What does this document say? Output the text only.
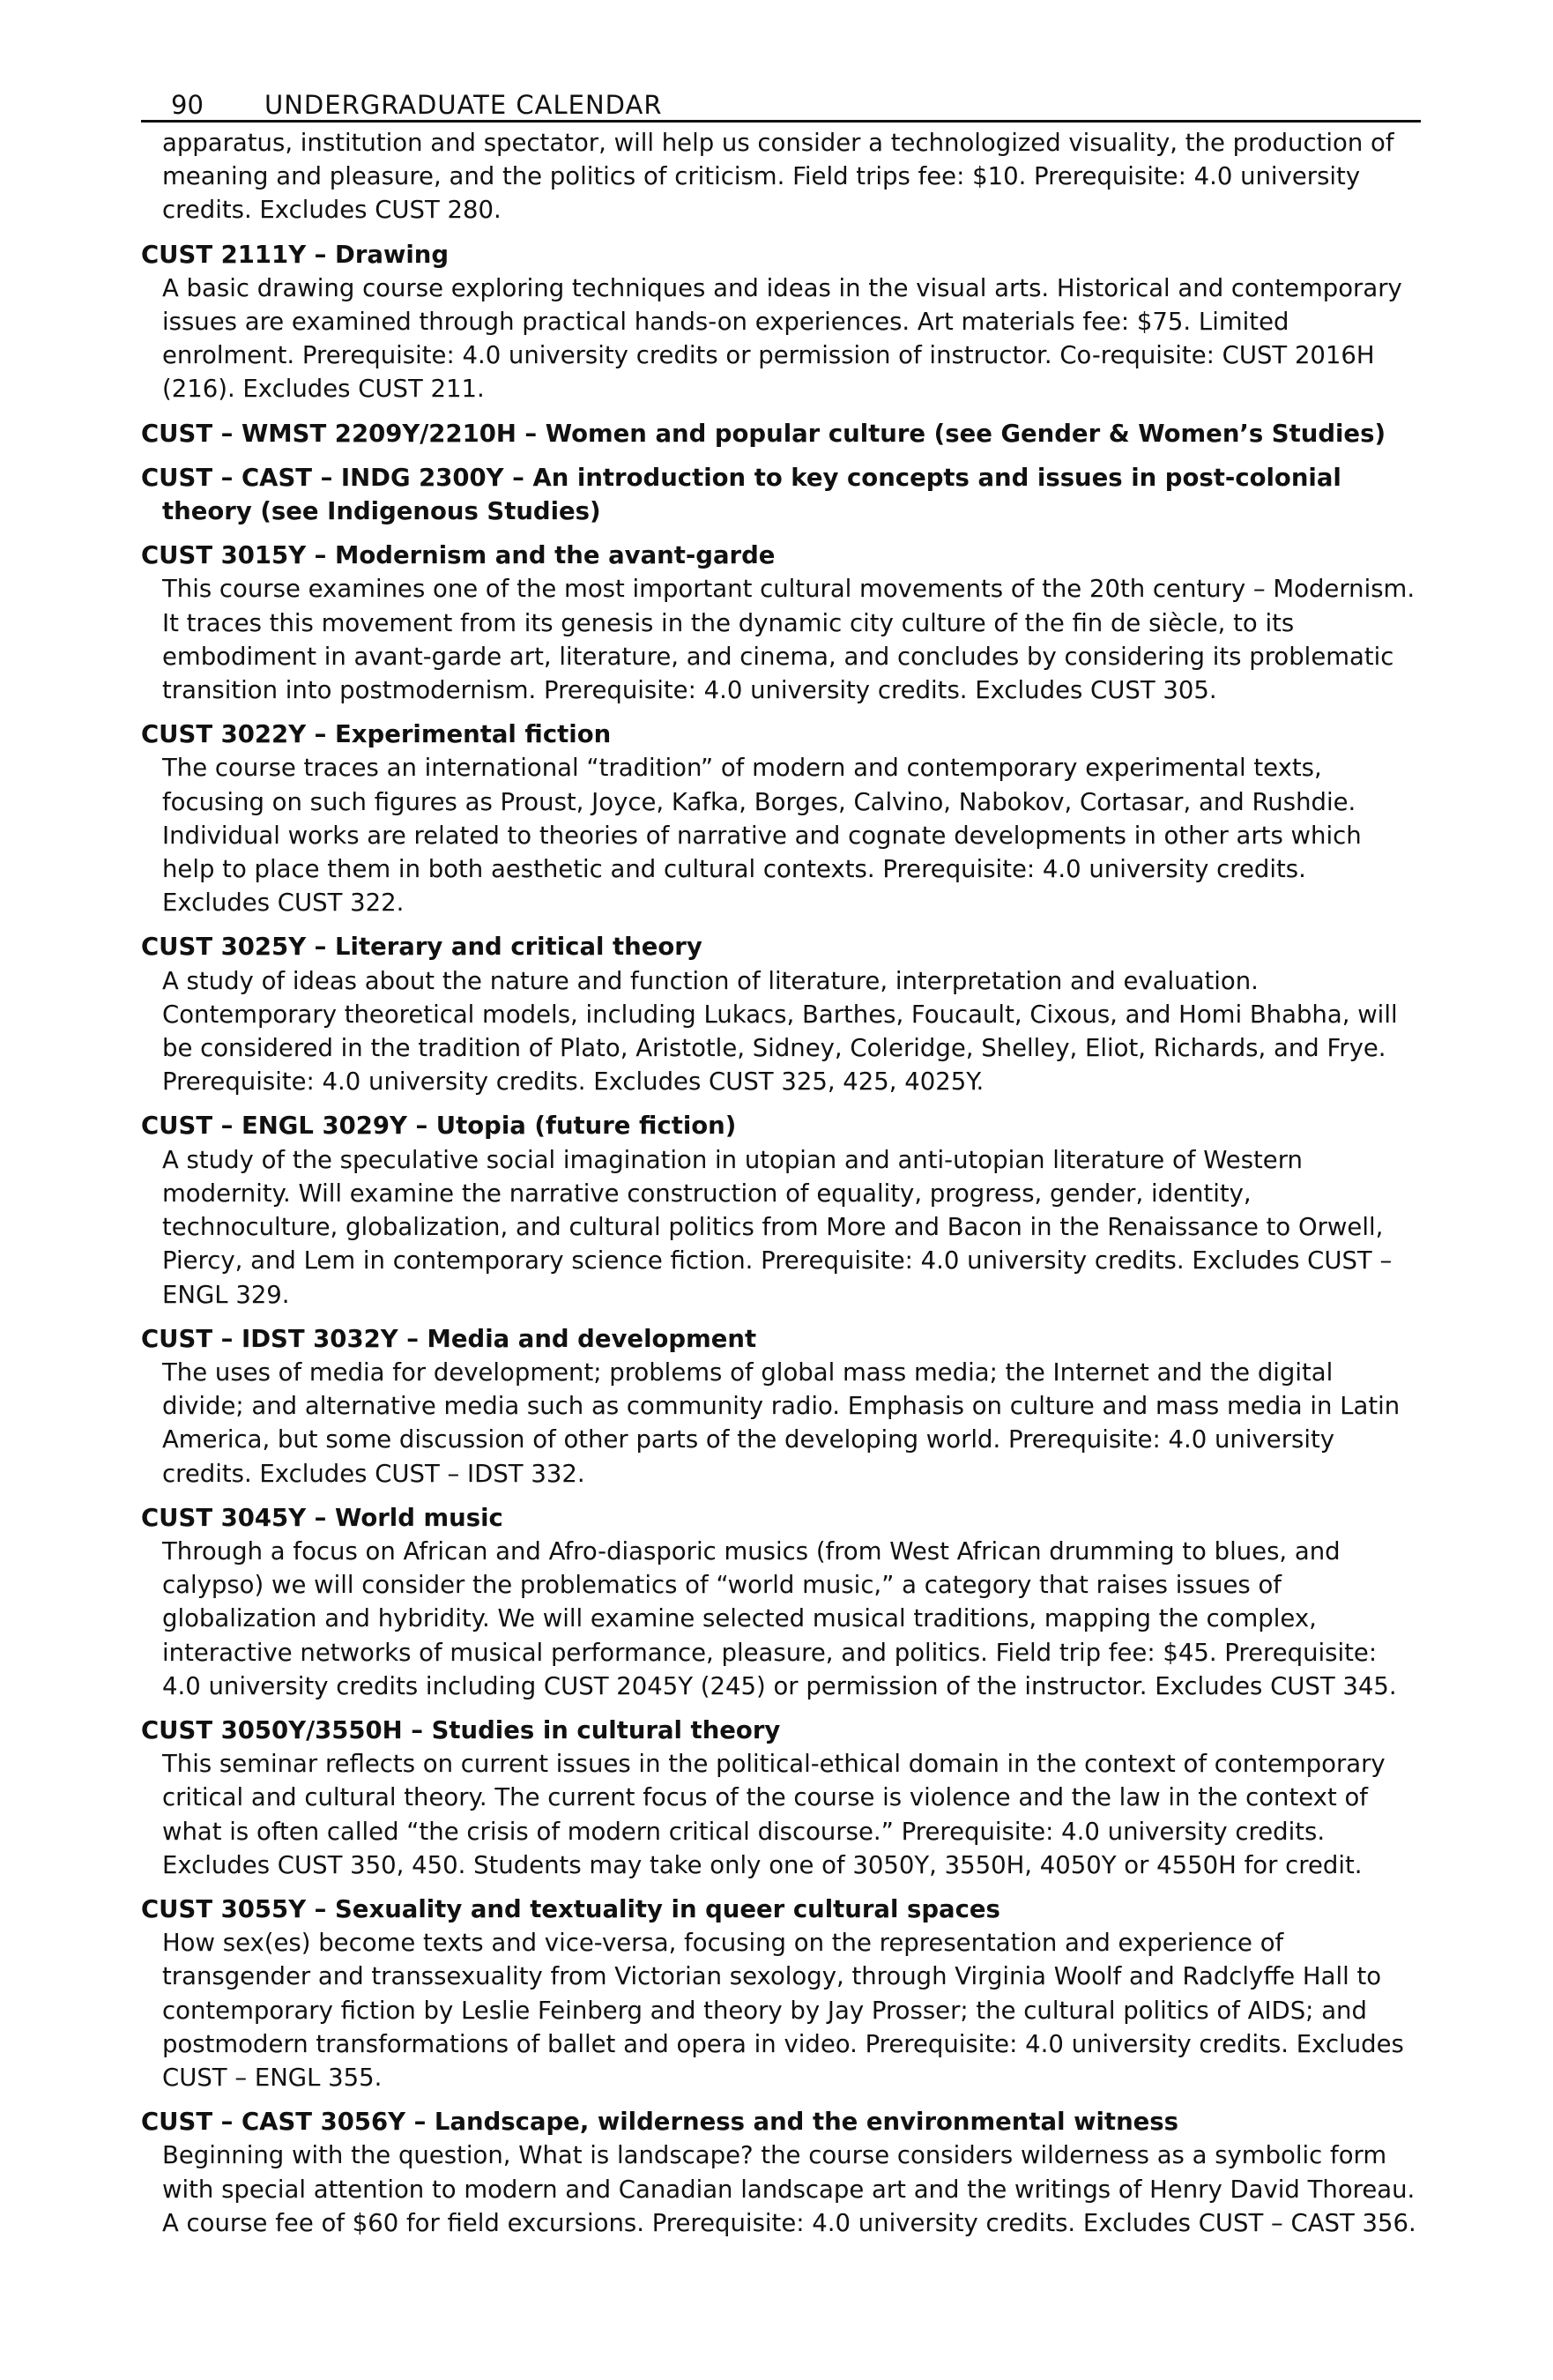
90	UNDERGRADUATE CALENDAR

apparatus, institution and spectator, will help us consider a technologized visuality, the production of meaning and pleasure, and the politics of criticism. Field trips fee: $10. Prerequisite: 4.0 university credits. Excludes CUST 280.

CUST 2111Y – Drawing

A basic drawing course exploring techniques and ideas in the visual arts. Historical and contemporary issues are examined through practical hands-on experiences. Art materials fee: $75. Limited enrolment. Prerequisite: 4.0 university credits or permission of instructor. Co-requisite: CUST 2016H (216). Excludes CUST 211.

CUST – WMST 2209Y/2210H – Women and popular culture (see Gender & Women’s Studies)

CUST – CAST – INDG 2300Y – An introduction to key concepts and issues in post-colonial theory (see Indigenous Studies)

CUST 3015Y – Modernism and the avant-garde

This course examines one of the most important cultural movements of the 20th century – Modernism. It traces this movement from its genesis in the dynamic city culture of the fin de siècle, to its embodiment in avant-garde art, literature, and cinema, and concludes by considering its problematic transition into postmodernism. Prerequisite: 4.0 university credits. Excludes CUST 305.

CUST 3022Y – Experimental fiction

The course traces an international “tradition” of modern and contemporary experimental texts, focusing on such figures as Proust, Joyce, Kafka, Borges, Calvino, Nabokov, Cortasar, and Rushdie. Individual works are related to theories of narrative and cognate developments in other arts which help to place them in both aesthetic and cultural contexts. Prerequisite: 4.0 university credits. Excludes CUST 322.

CUST 3025Y – Literary and critical theory

A study of ideas about the nature and function of literature, interpretation and evaluation. Contemporary theoretical models, including Lukacs, Barthes, Foucault, Cixous, and Homi Bhabha, will be considered in the tradition of Plato, Aristotle, Sidney, Coleridge, Shelley, Eliot, Richards, and Frye. Prerequisite: 4.0 university credits. Excludes CUST 325, 425, 4025Y.

CUST – ENGL 3029Y – Utopia (future fiction)

A study of the speculative social imagination in utopian and anti-utopian literature of Western modernity. Will examine the narrative construction of equality, progress, gender, identity, technoculture, globalization, and cultural politics from More and Bacon in the Renaissance to Orwell, Piercy, and Lem in contemporary science fiction. Prerequisite: 4.0 university credits. Excludes CUST – ENGL 329.

CUST – IDST 3032Y – Media and development

The uses of media for development; problems of global mass media; the Internet and the digital divide; and alternative media such as community radio. Emphasis on culture and mass media in Latin America, but some discussion of other parts of the developing world. Prerequisite: 4.0 university credits. Excludes CUST – IDST 332.

CUST 3045Y – World music

Through a focus on African and Afro-diasporic musics (from West African drumming to blues, and calypso) we will consider the problematics of “world music,” a category that raises issues of globalization and hybridity. We will examine selected musical traditions, mapping the complex, interactive networks of musical performance, pleasure, and politics. Field trip fee: $45. Prerequisite: 4.0 university credits including CUST 2045Y (245) or permission of the instructor. Excludes CUST 345.

CUST 3050Y/3550H – Studies in cultural theory

This seminar reflects on current issues in the political-ethical domain in the context of contemporary critical and cultural theory. The current focus of the course is violence and the law in the context of what is often called “the crisis of modern critical discourse.” Prerequisite: 4.0 university credits. Excludes CUST 350, 450. Students may take only one of 3050Y, 3550H, 4050Y or 4550H for credit.

CUST 3055Y – Sexuality and textuality in queer cultural spaces

How sex(es) become texts and vice-versa, focusing on the representation and experience of transgender and transsexuality from Victorian sexology, through Virginia Woolf and Radclyffe Hall to contemporary fiction by Leslie Feinberg and theory by Jay Prosser; the cultural politics of AIDS; and postmodern transformations of ballet and opera in video. Prerequisite: 4.0 university credits. Excludes CUST – ENGL 355.

CUST – CAST 3056Y – Landscape, wilderness and the environmental witness

Beginning with the question, What is landscape? the course considers wilderness as a symbolic form with special attention to modern and Canadian landscape art and the writings of Henry David Thoreau. A course fee of $60 for field excursions. Prerequisite: 4.0 university credits. Excludes CUST – CAST 356.
